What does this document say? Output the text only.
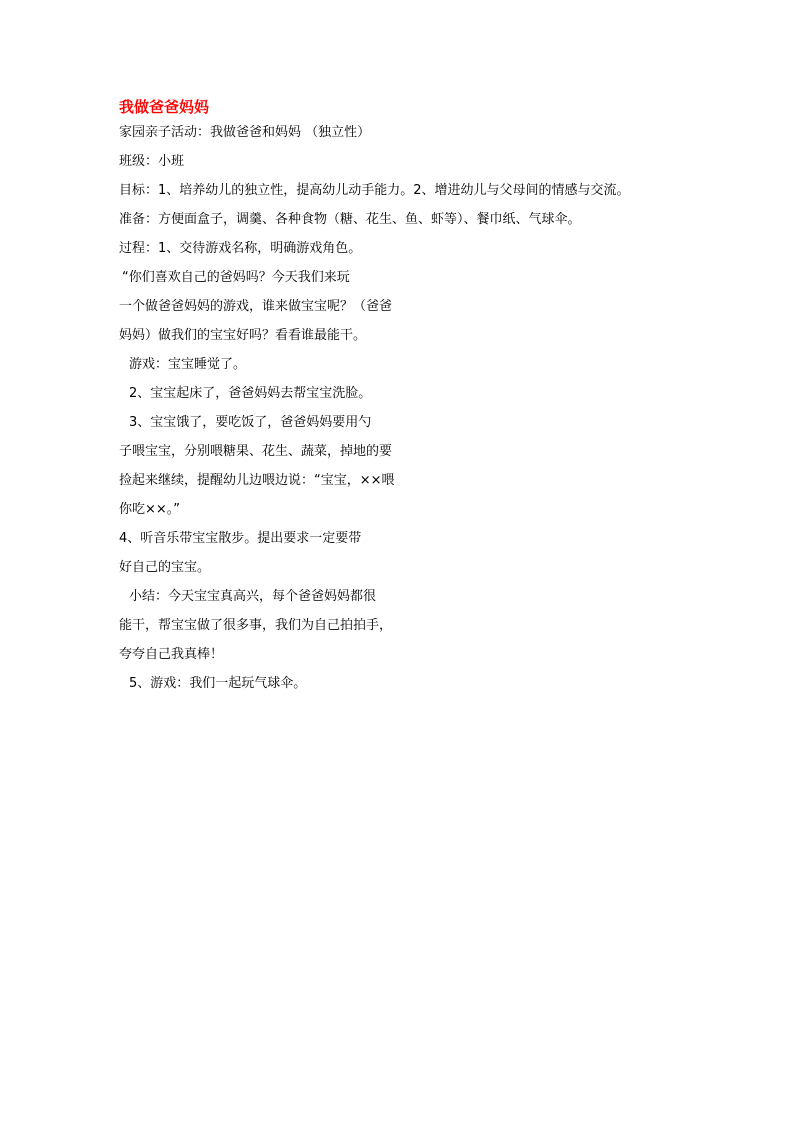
我做爸爸妈妈
家园亲子活动：我做爸爸和妈妈 （独立性）
班级：小班
目标：1、培养幼儿的独立性，提高幼儿动手能力。2、增进幼儿与父母间的情感与交流。
准备：方便面盒子，调羹、各种食物（糖、花生、鱼、虾等）、餐巾纸、气球伞。
过程：1、交待游戏名称，明确游戏角色。
“你们喜欢自己的爸妈吗？今天我们来玩
一个做爸爸妈妈的游戏，谁来做宝宝呢？（爸爸
妈妈）做我们的宝宝好吗？看看谁最能干。
游戏：宝宝睡觉了。
2、宝宝起床了，爸爸妈妈去帮宝宝洗脸。
3、宝宝饿了，要吃饭了，爸爸妈妈要用勺
子喂宝宝，分别喂糖果、花生、蔬菜，掉地的要
捡起来继续，提醒幼儿边喂边说：“宝宝，××喂
你吃××。”
4、听音乐带宝宝散步。提出要求一定要带
好自己的宝宝。
小结：今天宝宝真高兴，每个爸爸妈妈都很
能干，帮宝宝做了很多事，我们为自己拍拍手，
夸夸自己我真棒！
5、游戏：我们一起玩气球伞。
